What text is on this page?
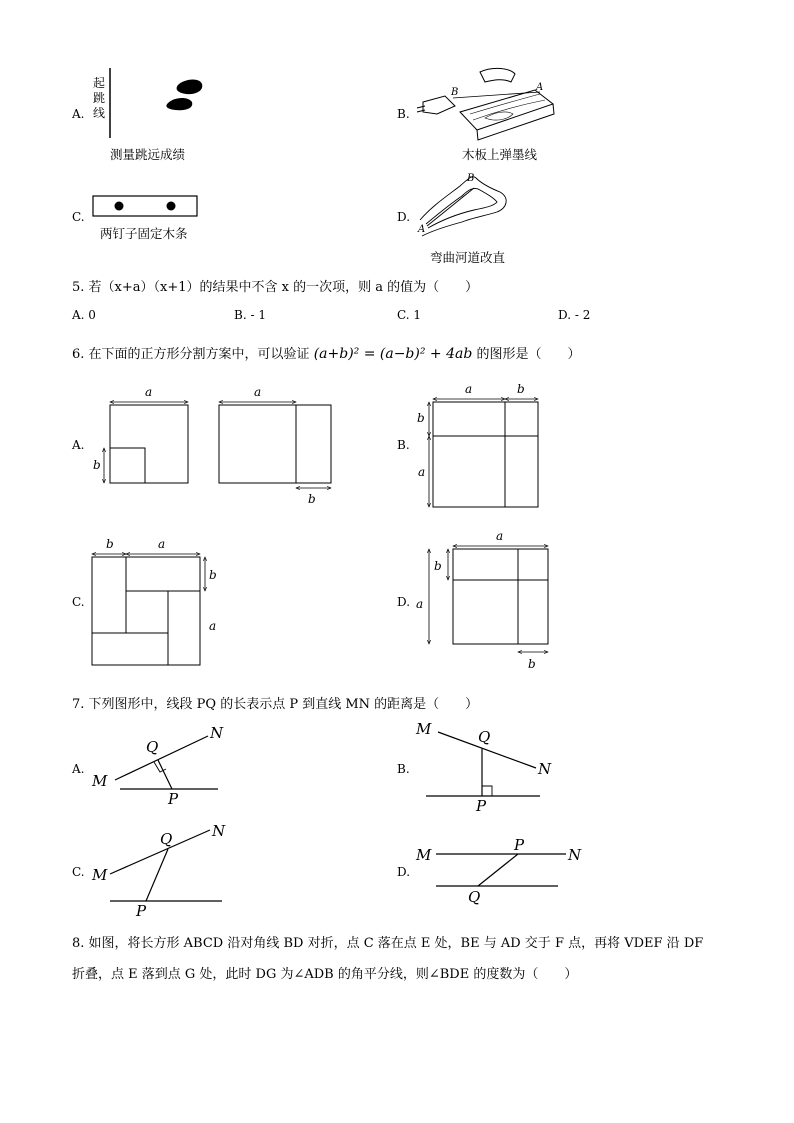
A.
起
跳
线
测量跳远成绩
B.
B	A
木板上弹墨线
C.
两钉子固定木条
D.
B
A
弯曲河道改直
5. 若（x+a）（x+1）的结果中不含 x 的一次项，则 a 的值为（　　）
A. 0	B. - 1	C. 1	D. - 2
6. 在下面的正方形分割方案中，可以验证 (a+b)² = (a−b)² + 4ab 的图形是（　　）
A.
a
b
a
b
B.
a	b
b
a
C.
b	a
b
a
D.
a
b
a
b
7. 下列图形中，线段 PQ 的长表示点 P 到直线 MN 的距离是（　　）
A.
M
N
Q
P
B.
M
N
Q
P
C. M
N
Q
P
D.
M	N
P
Q
8. 如图，将长方形 ABCD 沿对角线 BD 对折，点 C 落在点 E 处，BE 与 AD 交于 F 点，再将 VDEF 沿 DF
折叠，点 E 落到点 G 处，此时 DG 为∠ADB 的角平分线，则∠BDE 的度数为（　　）
